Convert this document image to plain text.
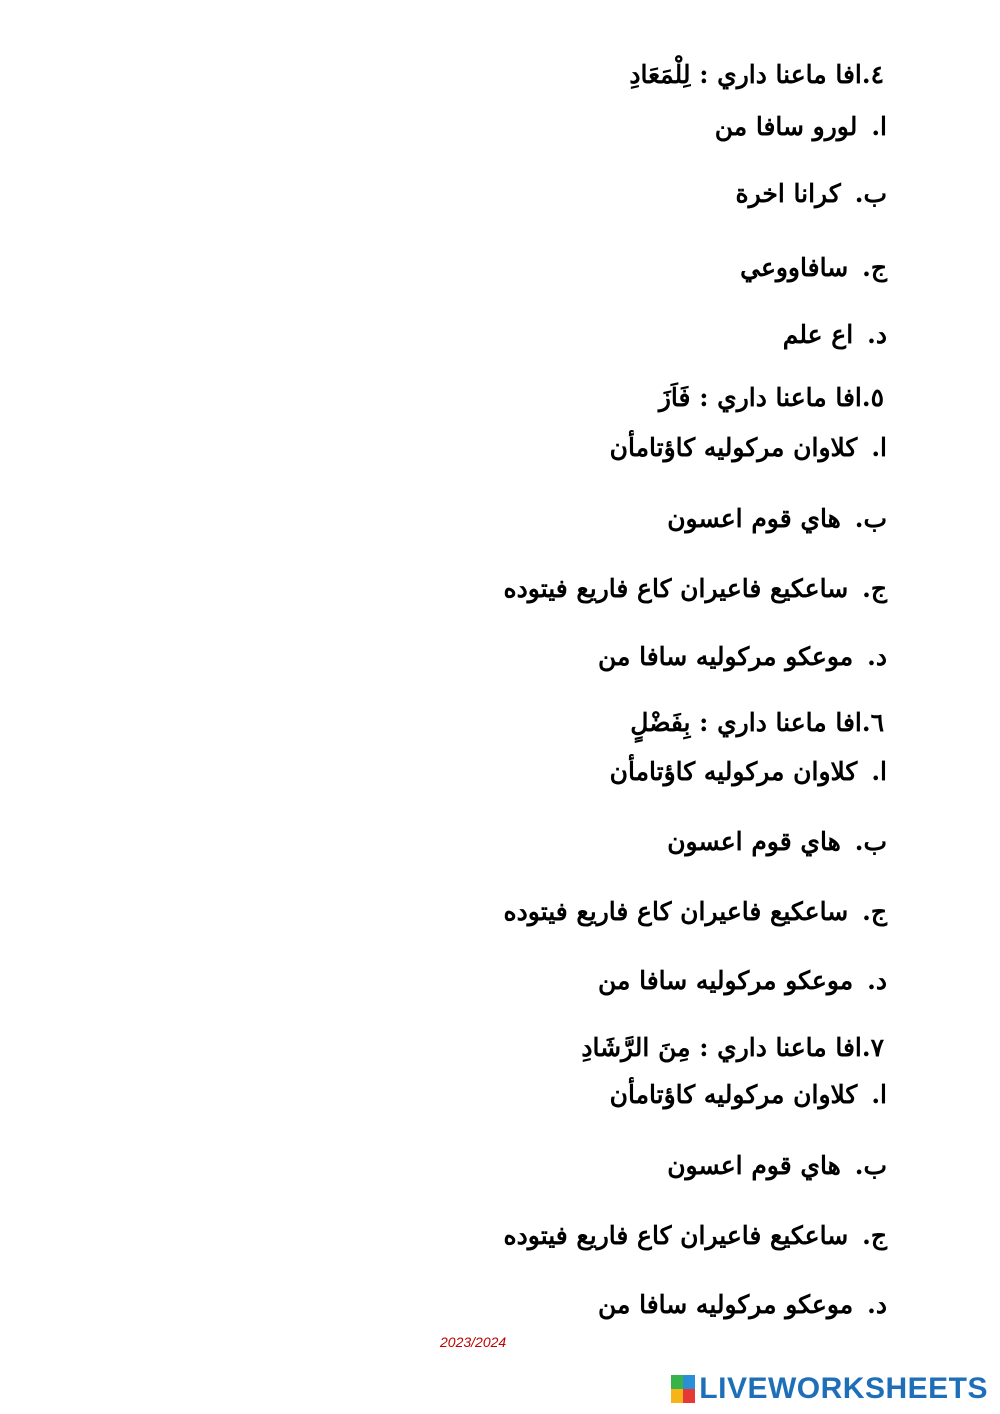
٤.افا ماعنا داري : لِلْمَعَادِ
ا.لورو سافا من
ب.كرانا اخرة
ج.سافاووعي
د.اع علم
٥.افا ماعنا داري : فَاَزَ
ا.كلاوان مركوليه كاؤتامأن
ب.هاي قوم اعسون
ج.ساعكيع فاعيران كاع فاريع فيتوده
د.موعكو مركوليه سافا من
٦.افا ماعنا داري : بِفَضْلٍ
ا.كلاوان مركوليه كاؤتامأن
ب.هاي قوم اعسون
ج.ساعكيع فاعيران كاع فاريع فيتوده
د.موعكو مركوليه سافا من
٧.افا ماعنا داري : مِنَ الرَّشَادِ
ا.كلاوان مركوليه كاؤتامأن
ب.هاي قوم اعسون
ج.ساعكيع فاعيران كاع فاريع فيتوده
د.موعكو مركوليه سافا من
2023/2024
LIVEWORKSHEETS
